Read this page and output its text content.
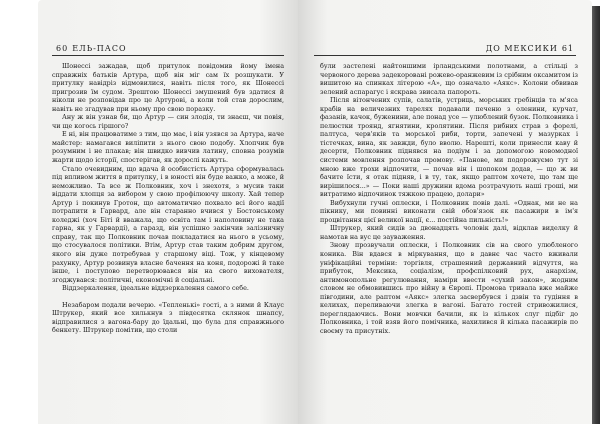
60 ЕЛЬ-ПАСО

Шонессі зажадав, щоб притулок повідомив йому імена справжніх батьків Артура, щоб він міг сам їх розшукати. У притулку навідріз відмовилися, навіть після того, як Шонессі пригрозив їм судом. Зрештою Шонессі змушений був здатися й ніколи не розповідав про це Артурові, а коли той став дорослим, навіть не згадував при ньому про свою поразку.

Ану ж він узнав би, що Артур — син злодія, ти знаєш, чи повія, чи ще когось гіршого?

Е ні, він працюватиме з тим, що має, і він узявся за Артура, наче майстер: намагався виліпити з нього свою подобу. Хлопчик був розумним і не плакав; він швидко вивчив латину, сповна розумів жарти щодо історії, спостерігав, як дорослі кажуть.

Стало очевидним, що вдача й особистість Артура сформувалась під впливом життя в притулку, і в юності він буде важко, а може, й неможливо. Та все ж Полковник, хоч і знехотя, з мусив таки віддати хлопця за вибором у свою профілюючу школу. Хай тепер Артур і покинув Гротон, що автоматично похвало всі його надії потрапити в Гарвард, але він старанно вчився у Бостонському коледжі (хоч Біті й вважала, що освіта там і наполовину не така гарна, як у Гарварді), а гаразд, він успішно закінчив залізничну справу, так що Полковник почав покладатися на нього в усьому, що стосувалося політики. Втім, Артур став таким добрим другом, якого він дуже потребував у старшому віці. Тож, у кінцевому рахунку, Артур розвинув власне бачення на коня, подорожі й таке інше, і поступово перетворювався він на свого вихователя, згоджувався: політичні, економічні й соціальні.

Віддзеркалення, ідеальне віддзеркалення самого себе.

Незабаром подали вечерю. «Тепленькі» гості, а з ними й Клаус Штрукер, який все хилькнув з півдесятка склянок шнапсу, відправилися з вагона-бару до їдальні, що була для справжнього бенкету. Штрукер помітив, що столи

ДО МЕКСИКИ 61

були застелені найтоншими ірландськими полотнами, а стільці з червоного дерева задекоровані рожево-оранжевим із срібним оксамитом із вишитою на спинках літерою «А», що означало «Аякс». Колони обвивав зелений аспарагус і яскрава звисала папороть.

Після вітончених супів, салатів, устриць, морських гребінців та м'яса крабів на величезних тарелях подавали печеню з оленини, курчат, фазанів, качок, буженини, але понад усе — улюблений бузок. Полковника і пелюстки троянд, ягнятини, кролятини. Після рибних страв з форелі, палтуса, черв'яків та морської риби, торти, запечені у мазурках і тістечках, вина, як завжди, було вволю. Нарешті, коли принесли каву й десерти, Полковник піднявся на подіум і за допомогою новомодної системи мовлення розпочав промову. «Панове, ми подорожуємо тут зі мною вже трохи відпочити, — почав він і шопоком додав, — що ж ви бачите їсти, я отак підняв, і в ту, так, якщо раптом хочете, що там ще вирішилося...» — Поки наші дружини вдома розтрачують наші гроші, ми витратимо відпочинок тяжкою працею, долари»

Вибухнули гучні оплески, і Полковник повів далі. «Однак, ми не на пікнику, ми повинні виконати свій обов'язок як пасажири в ім'я процвітання цієї великої нації, є... постійна пильність!»

Штрукер, який сидів за двонадцять чоловік далі, відклав виделку й намотав на вус це зауваження.

Знову прозвучали оплески, і Полковник сів на свого улюбленого коника. Він вдався в міркування, що в давнє час часто вживали уніфікаційні терміни: торгівля, страшенний державний відчуття, на прибуток, Мексика, соціалізм, профспілковий рух, анархізм, антимонопольне регулювання, наміри ввести «сухий закон», жодним словом не обмовившись про війну в Європі. Промова тривала вже майже півгодини, але раптом «Аякс» злегка засвербувся і дзвін та гудіння в келихах, переливаючи злегка в вагоні. Багато гостей стривожилися, переглядаючись. Вони мовчки бачили, як із кількох слуг підбіг до Полковника, і той взяв його помічника, нахилився й кілька пасажирів по своєму та присутніх.
